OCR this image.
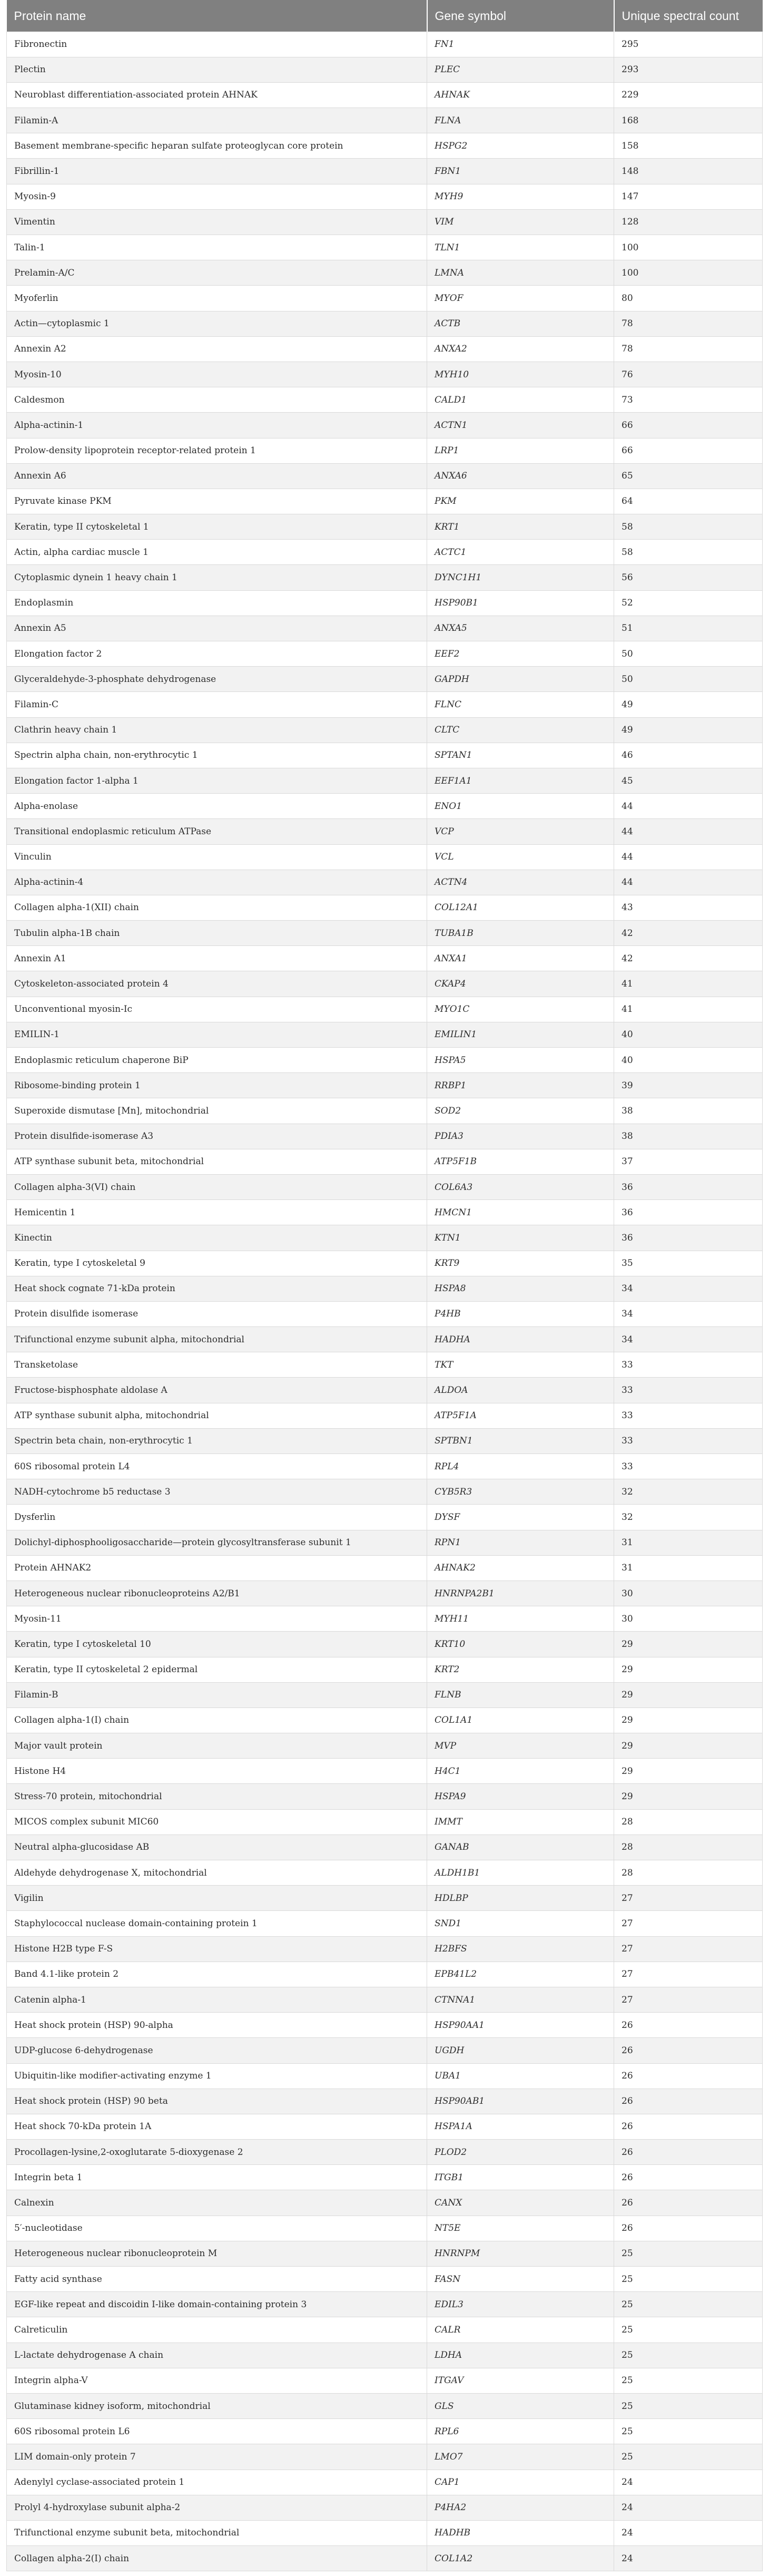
Protein name	Gene symbol	Unique spectral count
Fibronectin	FN1	295
Plectin	PLEC	293
Neuroblast differentiation-associated protein AHNAK	AHNAK	229
Filamin-A	FLNA	168
Basement membrane-specific heparan sulfate proteoglycan core protein	HSPG2	158
Fibrillin-1	FBN1	148
Myosin-9	MYH9	147
Vimentin	VIM	128
Talin-1	TLN1	100
Prelamin-A/C	LMNA	100
Myoferlin	MYOF	80
Actin—cytoplasmic 1	ACTB	78
Annexin A2	ANXA2	78
Myosin-10	MYH10	76
Caldesmon	CALD1	73
Alpha-actinin-1	ACTN1	66
Prolow-density lipoprotein receptor-related protein 1	LRP1	66
Annexin A6	ANXA6	65
Pyruvate kinase PKM	PKM	64
Keratin, type II cytoskeletal 1	KRT1	58
Actin, alpha cardiac muscle 1	ACTC1	58
Cytoplasmic dynein 1 heavy chain 1	DYNC1H1	56
Endoplasmin	HSP90B1	52
Annexin A5	ANXA5	51
Elongation factor 2	EEF2	50
Glyceraldehyde-3-phosphate dehydrogenase	GAPDH	50
Filamin-C	FLNC	49
Clathrin heavy chain 1	CLTC	49
Spectrin alpha chain, non-erythrocytic 1	SPTAN1	46
Elongation factor 1-alpha 1	EEF1A1	45
Alpha-enolase	ENO1	44
Transitional endoplasmic reticulum ATPase	VCP	44
Vinculin	VCL	44
Alpha-actinin-4	ACTN4	44
Collagen alpha-1(XII) chain	COL12A1	43
Tubulin alpha-1B chain	TUBA1B	42
Annexin A1	ANXA1	42
Cytoskeleton-associated protein 4	CKAP4	41
Unconventional myosin-Ic	MYO1C	41
EMILIN-1	EMILIN1	40
Endoplasmic reticulum chaperone BiP	HSPA5	40
Ribosome-binding protein 1	RRBP1	39
Superoxide dismutase [Mn], mitochondrial	SOD2	38
Protein disulfide-isomerase A3	PDIA3	38
ATP synthase subunit beta, mitochondrial	ATP5F1B	37
Collagen alpha-3(VI) chain	COL6A3	36
Hemicentin 1	HMCN1	36
Kinectin	KTN1	36
Keratin, type I cytoskeletal 9	KRT9	35
Heat shock cognate 71-kDa protein	HSPA8	34
Protein disulfide isomerase	P4HB	34
Trifunctional enzyme subunit alpha, mitochondrial	HADHA	34
Transketolase	TKT	33
Fructose-bisphosphate aldolase A	ALDOA	33
ATP synthase subunit alpha, mitochondrial	ATP5F1A	33
Spectrin beta chain, non-erythrocytic 1	SPTBN1	33
60S ribosomal protein L4	RPL4	33
NADH-cytochrome b5 reductase 3	CYB5R3	32
Dysferlin	DYSF	32
Dolichyl-diphosphooligosaccharide—protein glycosyltransferase subunit 1	RPN1	31
Protein AHNAK2	AHNAK2	31
Heterogeneous nuclear ribonucleoproteins A2/B1	HNRNPA2B1	30
Myosin-11	MYH11	30
Keratin, type I cytoskeletal 10	KRT10	29
Keratin, type II cytoskeletal 2 epidermal	KRT2	29
Filamin-B	FLNB	29
Collagen alpha-1(I) chain	COL1A1	29
Major vault protein	MVP	29
Histone H4	H4C1	29
Stress-70 protein, mitochondrial	HSPA9	29
MICOS complex subunit MIC60	IMMT	28
Neutral alpha-glucosidase AB	GANAB	28
Aldehyde dehydrogenase X, mitochondrial	ALDH1B1	28
Vigilin	HDLBP	27
Staphylococcal nuclease domain-containing protein 1	SND1	27
Histone H2B type F-S	H2BFS	27
Band 4.1-like protein 2	EPB41L2	27
Catenin alpha-1	CTNNA1	27
Heat shock protein (HSP) 90-alpha	HSP90AA1	26
UDP-glucose 6-dehydrogenase	UGDH	26
Ubiquitin-like modifier-activating enzyme 1	UBA1	26
Heat shock protein (HSP) 90 beta	HSP90AB1	26
Heat shock 70-kDa protein 1A	HSPA1A	26
Procollagen-lysine,2-oxoglutarate 5-dioxygenase 2	PLOD2	26
Integrin beta 1	ITGB1	26
Calnexin	CANX	26
5′-nucleotidase	NT5E	26
Heterogeneous nuclear ribonucleoprotein M	HNRNPM	25
Fatty acid synthase	FASN	25
EGF-like repeat and discoidin I-like domain-containing protein 3	EDIL3	25
Calreticulin	CALR	25
L-lactate dehydrogenase A chain	LDHA	25
Integrin alpha-V	ITGAV	25
Glutaminase kidney isoform, mitochondrial	GLS	25
60S ribosomal protein L6	RPL6	25
LIM domain-only protein 7	LMO7	25
Adenylyl cyclase-associated protein 1	CAP1	24
Prolyl 4-hydroxylase subunit alpha-2	P4HA2	24
Trifunctional enzyme subunit beta, mitochondrial	HADHB	24
Collagen alpha-2(I) chain	COL1A2	24
